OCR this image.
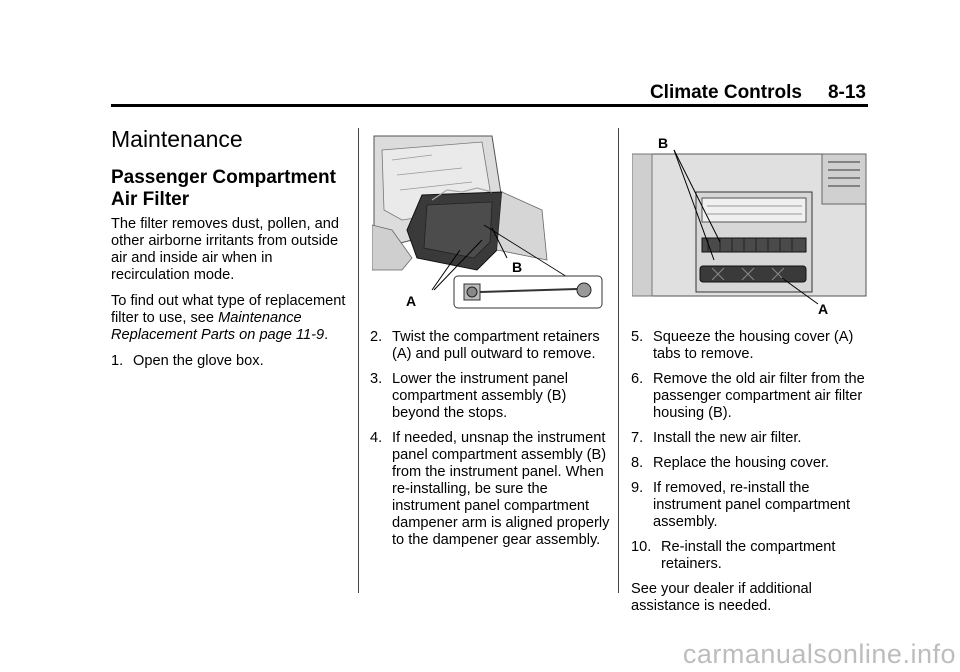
Climate Controls 8-13
Maintenance
Passenger Compartment
Air Filter

The filter removes dust, pollen, and other airborne irritants from outside air and inside air when in recirculation mode.

To find out what type of replacement filter to use, see Maintenance Replacement Parts on page 11-9.

1. Open the glove box.
B
A
2. Twist the compartment retainers (A) and pull outward to remove.
3. Lower the instrument panel compartment assembly (B) beyond the stops.
4. If needed, unsnap the instrument panel compartment assembly (B) from the instrument panel. When re-installing, be sure the instrument panel compartment dampener arm is aligned properly to the dampener gear assembly.
B
A
5. Squeeze the housing cover (A) tabs to remove.
6. Remove the old air filter from the passenger compartment air filter housing (B).
7. Install the new air filter.
8. Replace the housing cover.
9. If removed, re-install the instrument panel compartment assembly.
10. Re-install the compartment retainers.

See your dealer if additional assistance is needed.

carmanualsonline.info
